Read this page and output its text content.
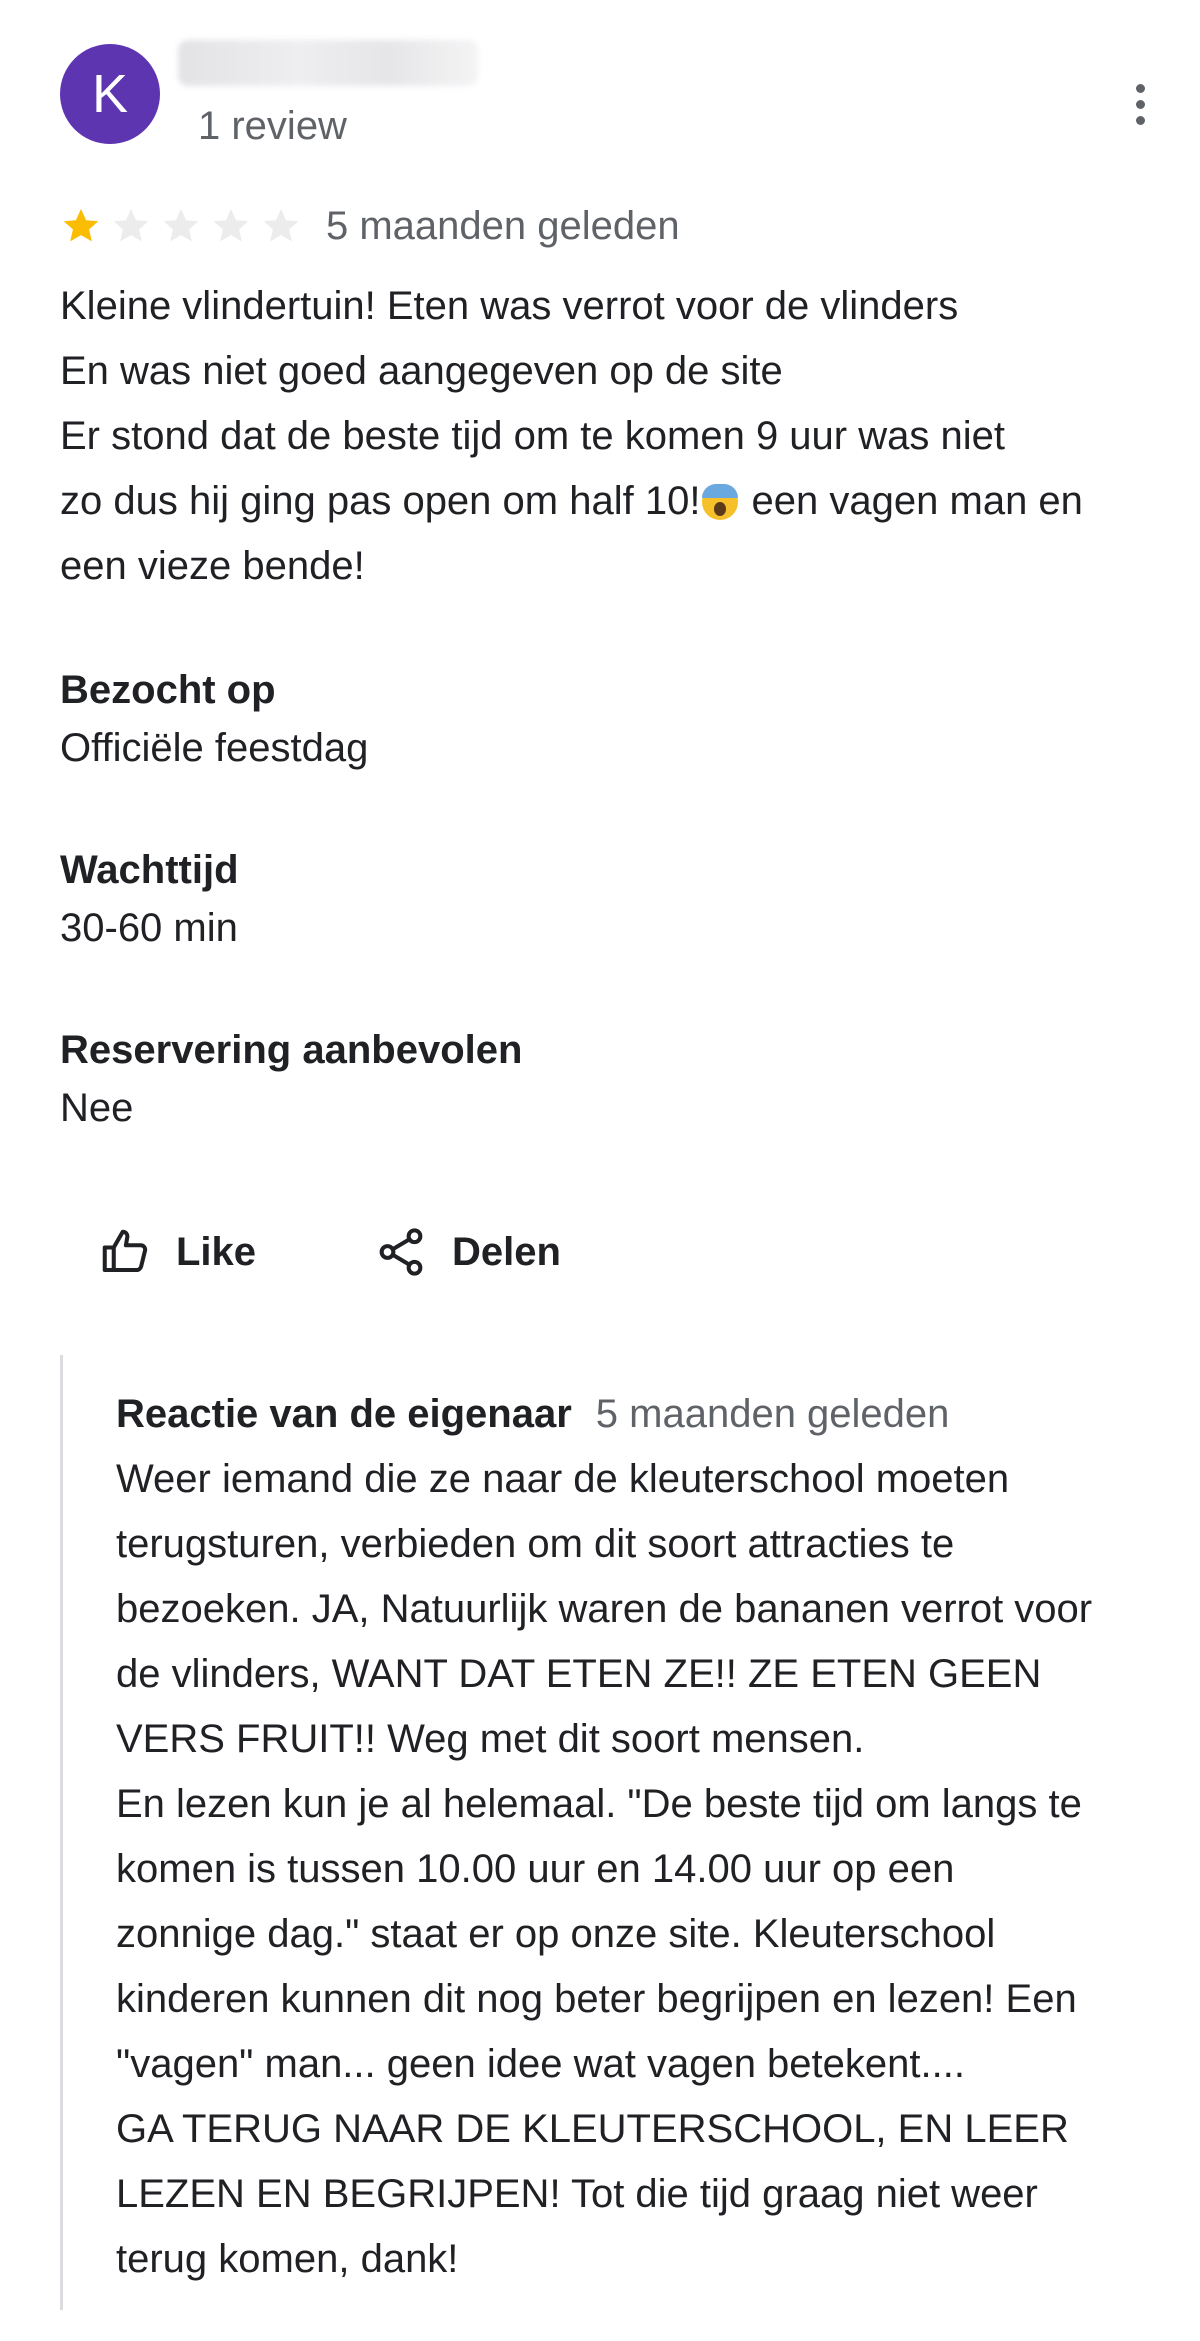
K
1 review
5 maanden geleden
Kleine vlindertuin! Eten was verrot voor de vlinders
En was niet goed aangegeven op de site
Er stond dat de beste tijd om te komen 9 uur was niet
zo dus hij ging pas open om half 10! een vagen man en
een vieze bende!
Bezocht op
Officiële feestdag
Wachttijd
30-60 min
Reservering aanbevolen
Nee
Like	Delen
Reactie van de eigenaar 5 maanden geleden
Weer iemand die ze naar de kleuterschool moeten
terugsturen, verbieden om dit soort attracties te
bezoeken. JA, Natuurlijk waren de bananen verrot voor
de vlinders, WANT DAT ETEN ZE!! ZE ETEN GEEN
VERS FRUIT!! Weg met dit soort mensen.
En lezen kun je al helemaal. "De beste tijd om langs te
komen is tussen 10.00 uur en 14.00 uur op een
zonnige dag." staat er op onze site. Kleuterschool
kinderen kunnen dit nog beter begrijpen en lezen! Een
"vagen" man... geen idee wat vagen betekent....
GA TERUG NAAR DE KLEUTERSCHOOL, EN LEER
LEZEN EN BEGRIJPEN! Tot die tijd graag niet weer
terug komen, dank!
